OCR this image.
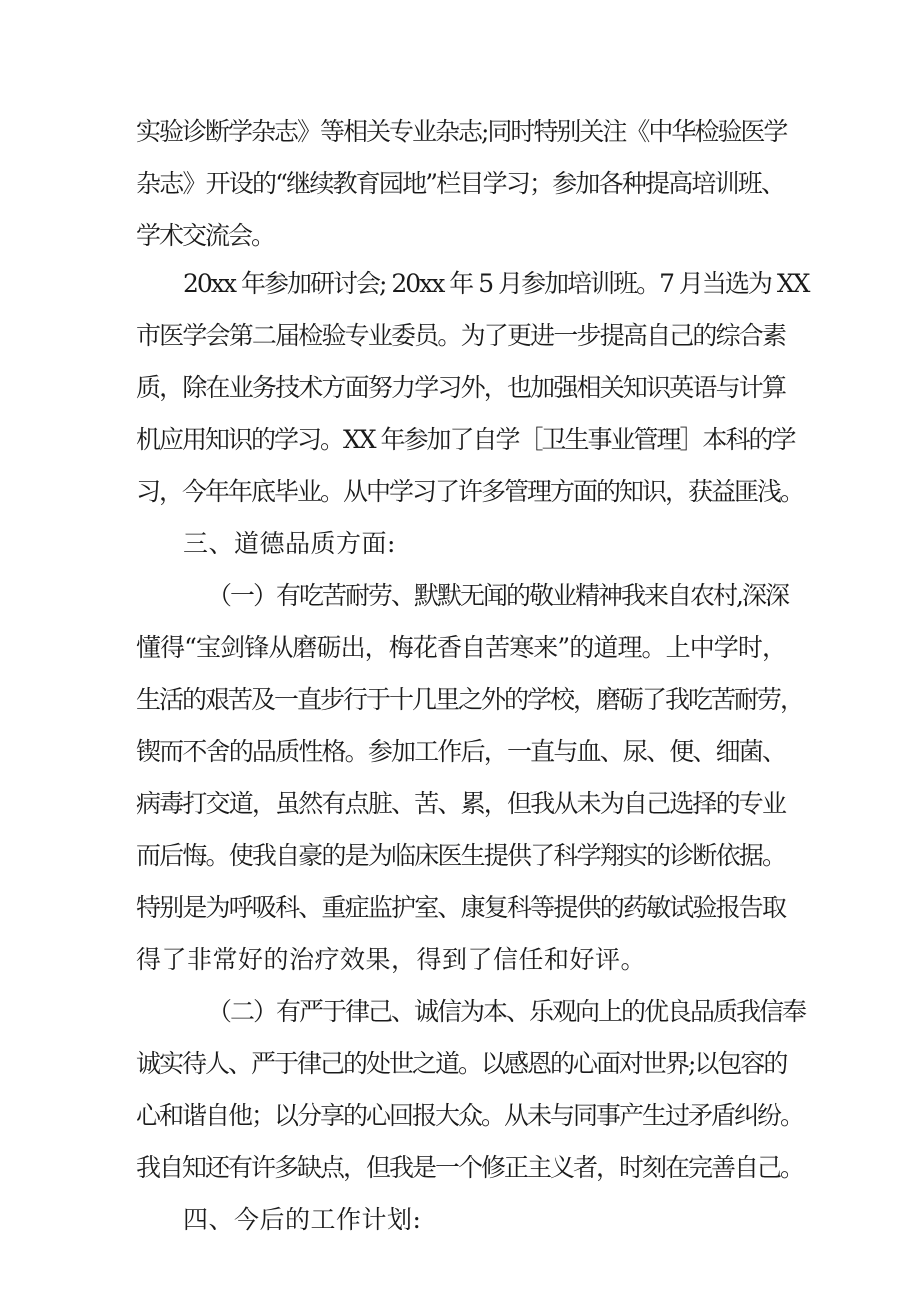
实验诊断学杂志》等相关专业杂志;同时特别关注《中华检验医学
杂志》开设的“继续教育园地”栏目学习；参加各种提高培训班、
学术交流会。
20xx 年参加研讨会; 20xx 年 5 月参加培训班。7 月当选为 XX
市医学会第二届检验专业委员。为了更进一步提高自己的综合素
质，除在业务技术方面努力学习外，也加强相关知识英语与计算
机应用知识的学习。XX 年参加了自学［卫生事业管理］本科的学
习，今年年底毕业。从中学习了许多管理方面的知识，获益匪浅。
三、道德品质方面:
（一）有吃苦耐劳、默默无闻的敬业精神我来自农村,深深
懂得“宝剑锋从磨砺出，梅花香自苦寒来”的道理。上中学时，
生活的艰苦及一直步行于十几里之外的学校，磨砺了我吃苦耐劳，
锲而不舍的品质性格。参加工作后，一直与血、尿、便、细菌、
病毒打交道，虽然有点脏、苦、累，但我从未为自己选择的专业
而后悔。使我自豪的是为临床医生提供了科学翔实的诊断依据。
特别是为呼吸科、重症监护室、康复科等提供的药敏试验报告取
得了非常好的治疗效果，得到了信任和好评。
（二）有严于律己、诚信为本、乐观向上的优良品质我信奉
诚实待人、严于律己的处世之道。以感恩的心面对世界;以包容的
心和谐自他；以分享的心回报大众。从未与同事产生过矛盾纠纷。
我自知还有许多缺点，但我是一个修正主义者，时刻在完善自己。
四、今后的工作计划:
